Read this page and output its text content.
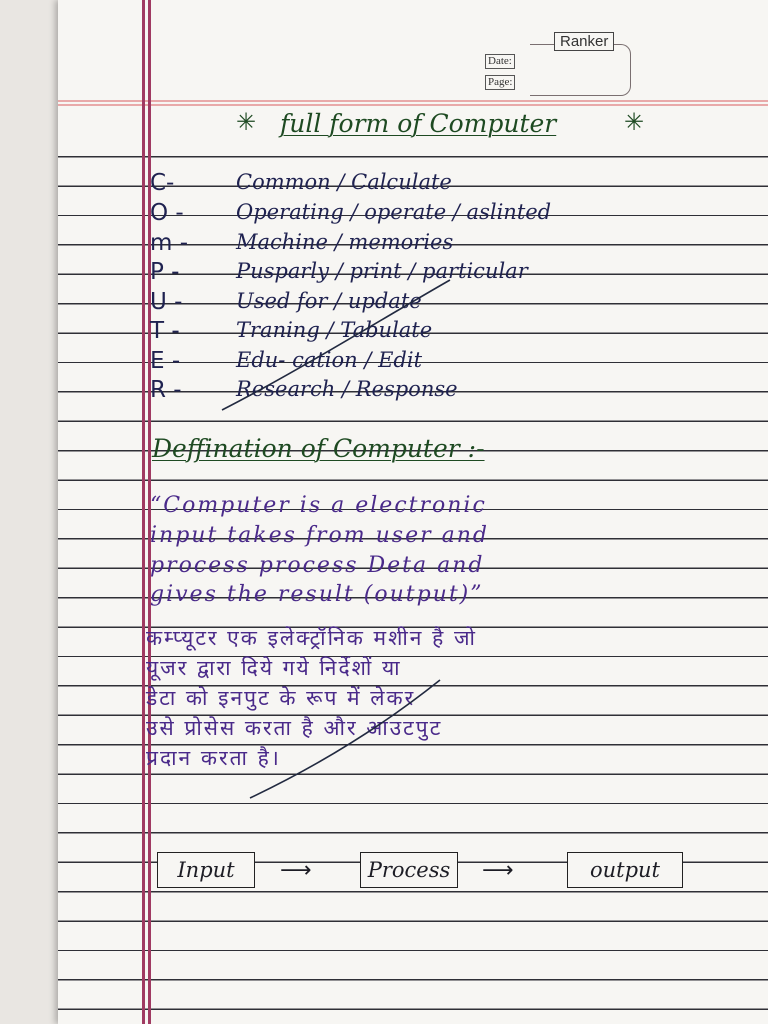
Ranker
Date:
Page:
✳ full form of Computer	✳
C-	Common / Calculate
O - Operating / operate / aslinted
m - Machine / memories
P -	Pusparly / print / particular
U -	Used for / update
T -	Traning / Tabulate
E -	Edu- cation / Edit
R -	Research / Response
Deffination of Computer :-
“Computer is a electronic
input takes from user and
process process Deta and
gives the result (output)”
कम्प्यूटर एक इलेक्ट्रॉनिक मशीन है जो
यूजर द्वारा दिये गये निर्देशों या
डेटा को इनपुट के रूप में लेकर
उसे प्रोसेस करता है और आउटपुट
प्रदान करता है।
Input	⟶	Process	⟶	output
